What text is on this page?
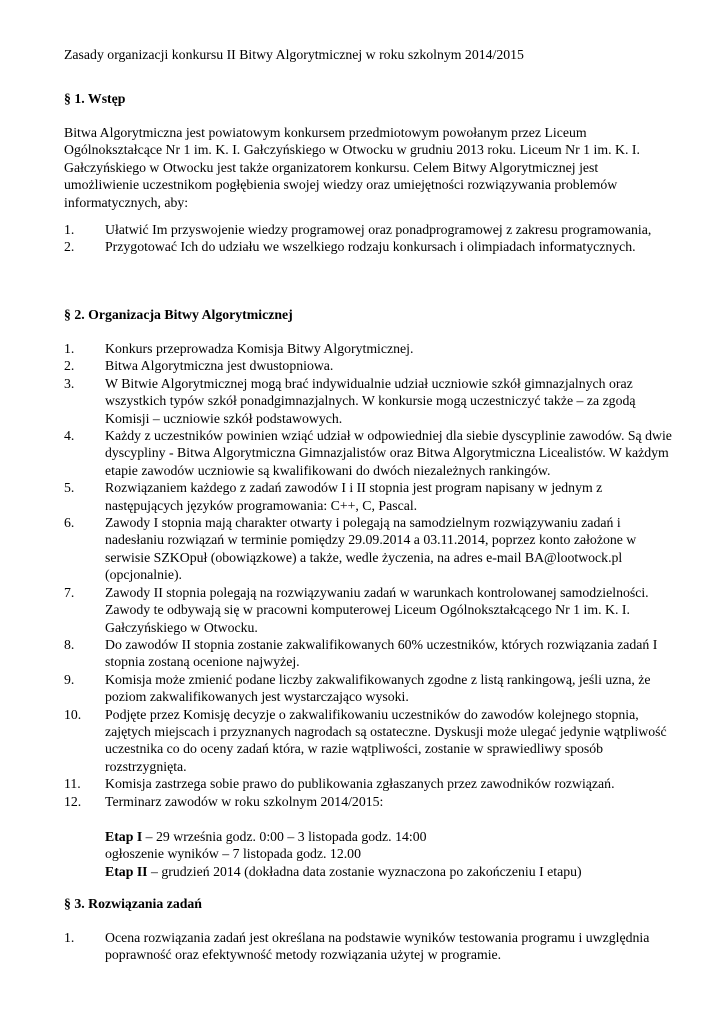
Zasady organizacji konkursu II Bitwy Algorytmicznej w roku szkolnym 2014/2015

§ 1. Wstęp

Bitwa Algorytmiczna jest powiatowym konkursem przedmiotowym powołanym przez Liceum Ogólnokształcące Nr 1 im. K. I. Gałczyńskiego w Otwocku w grudniu 2013 roku. Liceum Nr 1 im. K. I. Gałczyńskiego w Otwocku jest także organizatorem konkursu. Celem Bitwy Algorytmicznej jest umożliwienie uczestnikom pogłębienia swojej wiedzy oraz umiejętności rozwiązywania problemów informatycznych, aby:

1.	Ułatwić Im przyswojenie wiedzy programowej oraz ponadprogramowej z zakresu programowania,
2.	Przygotować Ich do udziału we wszelkiego rodzaju konkursach i olimpiadach informatycznych.

§ 2. Organizacja Bitwy Algorytmicznej

1.	Konkurs przeprowadza Komisja Bitwy Algorytmicznej.
2.	Bitwa Algorytmiczna jest dwustopniowa.
3.	W Bitwie Algorytmicznej mogą brać indywidualnie udział uczniowie szkół gimnazjalnych oraz wszystkich typów szkół ponadgimnazjalnych. W konkursie mogą uczestniczyć także – za zgodą Komisji – uczniowie szkół podstawowych.
4.	Każdy z uczestników powinien wziąć udział w odpowiedniej dla siebie dyscyplinie zawodów. Są dwie dyscypliny - Bitwa Algorytmiczna Gimnazjalistów oraz Bitwa Algorytmiczna Licealistów. W każdym etapie zawodów uczniowie są kwalifikowani do dwóch niezależnych rankingów.
5.	Rozwiązaniem każdego z zadań zawodów I i II stopnia jest program napisany w jednym z następujących języków programowania: C++, C, Pascal.
6.	Zawody I stopnia mają charakter otwarty i polegają na samodzielnym rozwiązywaniu zadań i nadesłaniu rozwiązań w terminie pomiędzy 29.09.2014 a 03.11.2014, poprzez konto założone w serwisie SZKOpuł (obowiązkowe) a także, wedle życzenia, na adres e-mail BA@lootwock.pl (opcjonalnie).
7.	Zawody II stopnia polegają na rozwiązywaniu zadań w warunkach kontrolowanej samodzielności. Zawody te odbywają się w pracowni komputerowej Liceum Ogólnokształcącego Nr 1 im. K. I. Gałczyńskiego w Otwocku.
8.	Do zawodów II stopnia zostanie zakwalifikowanych 60% uczestników, których rozwiązania zadań I stopnia zostaną ocenione najwyżej.
9.	Komisja może zmienić podane liczby zakwalifikowanych zgodne z listą rankingową, jeśli uzna, że poziom zakwalifikowanych jest wystarczająco wysoki.
10.	Podjęte przez Komisję decyzje o zakwalifikowaniu uczestników do zawodów kolejnego stopnia, zajętych miejscach i przyznanych nagrodach są ostateczne. Dyskusji może ulegać jedynie wątpliwość uczestnika co do oceny zadań która, w razie wątpliwości, zostanie w sprawiedliwy sposób rozstrzygnięta.
11.	Komisja zastrzega sobie prawo do publikowania zgłaszanych przez zawodników rozwiązań.
12.	Terminarz zawodów w roku szkolnym 2014/2015:

Etap I – 29 września godz. 0:00 – 3 listopada godz. 14:00

ogłoszenie wyników – 7 listopada godz. 12.00

Etap II – grudzień 2014 (dokładna data zostanie wyznaczona po zakończeniu I etapu)

§ 3. Rozwiązania zadań

1.	Ocena rozwiązania zadań jest określana na podstawie wyników testowania programu i uwzględnia poprawność oraz efektywność metody rozwiązania użytej w programie.
